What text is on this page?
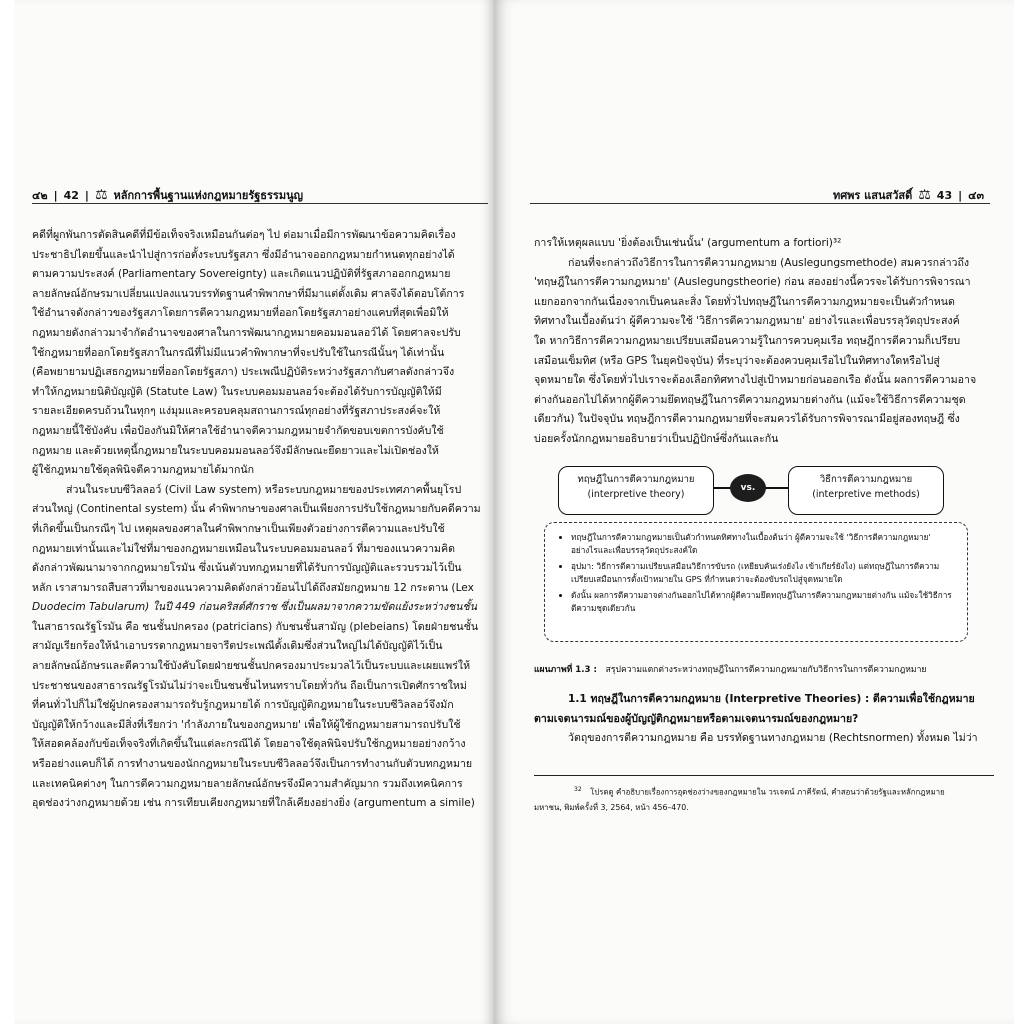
๔๒ | 42 | ⚖ หลักการพื้นฐานแห่งกฎหมายรัฐธรรมนูญ
คดีที่ผูกพันการตัดสินคดีที่มีข้อเท็จจริงเหมือนกันต่อๆ ไป ต่อมาเมื่อมีการพัฒนาข้อความคิดเรื่อง
ประชาธิปไตยขึ้นและนำไปสู่การก่อตั้งระบบรัฐสภา ซึ่งมีอำนาจออกกฎหมายกำหนดทุกอย่างได้
ตามความประสงค์ (Parliamentary Sovereignty) และเกิดแนวปฏิบัติที่รัฐสภาออกกฎหมาย
ลายลักษณ์อักษรมาเปลี่ยนแปลงแนวบรรทัดฐานคำพิพากษาที่มีมาแต่ดั้งเดิม ศาลจึงได้ตอบโต้การ
ใช้อำนาจดังกล่าวของรัฐสภาโดยการตีความกฎหมายที่ออกโดยรัฐสภาอย่างแคบที่สุดเพื่อมิให้
กฎหมายดังกล่าวมาจำกัดอำนาจของศาลในการพัฒนากฎหมายคอมมอนลอว์ได้ โดยศาลจะปรับ
ใช้กฎหมายที่ออกโดยรัฐสภาในกรณีที่ไม่มีแนวคำพิพากษาที่จะปรับใช้ในกรณีนั้นๆ ได้เท่านั้น
(คือพยายามปฏิเสธกฎหมายที่ออกโดยรัฐสภา) ประเพณีปฏิบัติระหว่างรัฐสภากับศาลดังกล่าวจึง
ทำให้กฎหมายนิติบัญญัติ (Statute Law) ในระบบคอมมอนลอว์จะต้องได้รับการบัญญัติให้มี
รายละเอียดครบถ้วนในทุกๆ แง่มุมและครอบคลุมสถานการณ์ทุกอย่างที่รัฐสภาประสงค์จะให้
กฎหมายนี้ใช้บังคับ เพื่อป้องกันมิให้ศาลใช้อำนาจตีความกฎหมายจำกัดขอบเขตการบังคับใช้
กฎหมาย และด้วยเหตุนี้กฎหมายในระบบคอมมอนลอว์จึงมีลักษณะยืดยาวและไม่เปิดช่องให้
ผู้ใช้กฎหมายใช้ดุลพินิจตีความกฎหมายได้มากนัก
ส่วนในระบบซีวิลลอว์ (Civil Law system) หรือระบบกฎหมายของประเทศภาคพื้นยุโรป
ส่วนใหญ่ (Continental system) นั้น คำพิพากษาของศาลเป็นเพียงการปรับใช้กฎหมายกับคดีความ
ที่เกิดขึ้นเป็นกรณีๆ ไป เหตุผลของศาลในคำพิพากษาเป็นเพียงตัวอย่างการตีความและปรับใช้
กฎหมายเท่านั้นและไม่ใช่ที่มาของกฎหมายเหมือนในระบบคอมมอนลอว์ ที่มาของแนวความคิด
ดังกล่าวพัฒนามาจากกฎหมายโรมัน ซึ่งเน้นตัวบทกฎหมายที่ได้รับการบัญญัติและรวบรวมไว้เป็น
หลัก เราสามารถสืบสาวที่มาของแนวความคิดดังกล่าวย้อนไปได้ถึงสมัยกฎหมาย 12 กระดาน (Lex
Duodecim Tabularum) ในปี 449 ก่อนคริสต์ศักราช ซึ่งเป็นผลมาจากความขัดแย้งระหว่างชนชั้น
ในสาธารณรัฐโรมัน คือ ชนชั้นปกครอง (patricians) กับชนชั้นสามัญ (plebeians) โดยฝ่ายชนชั้น
สามัญเรียกร้องให้นำเอาบรรดากฎหมายจารีตประเพณีดั้งเดิมซึ่งส่วนใหญ่ไม่ได้บัญญัติไว้เป็น
ลายลักษณ์อักษรและตีความใช้บังคับโดยฝ่ายชนชั้นปกครองมาประมวลไว้เป็นระบบและเผยแพร่ให้
ประชาชนของสาธารณรัฐโรมันไม่ว่าจะเป็นชนชั้นไหนทราบโดยทั่วกัน ถือเป็นการเปิดศักราชใหม่
ที่คนทั่วไปก็ไม่ใช่ผู้ปกครองสามารถรับรู้กฎหมายได้ การบัญญัติกฎหมายในระบบซีวิลลอว์จึงมัก
บัญญัติให้กว้างและมีสิ่งที่เรียกว่า 'กำลังภายในของกฎหมาย' เพื่อให้ผู้ใช้กฎหมายสามารถปรับใช้
ให้สอดคล้องกับข้อเท็จจริงที่เกิดขึ้นในแต่ละกรณีได้ โดยอาจใช้ดุลพินิจปรับใช้กฎหมายอย่างกว้าง
หรืออย่างแคบก็ได้ การทำงานของนักกฎหมายในระบบซีวิลลอว์จึงเป็นการทำงานกับตัวบทกฎหมาย
และเทคนิคต่างๆ ในการตีความกฎหมายลายลักษณ์อักษรจึงมีความสำคัญมาก รวมถึงเทคนิคการ
อุดช่องว่างกฎหมายด้วย เช่น การเทียบเคียงกฎหมายที่ใกล้เคียงอย่างยิ่ง (argumentum a simile)
ทศพร แสนสวัสดิ์ ⚖ 43 | ๔๓
การให้เหตุผลแบบ 'ยิ่งต้องเป็นเช่นนั้น' (argumentum a fortiori)³²
ก่อนที่จะกล่าวถึงวิธีการในการตีความกฎหมาย (Auslegungsmethode) สมควรกล่าวถึง
'ทฤษฎีในการตีความกฎหมาย' (Auslegungstheorie) ก่อน สองอย่างนี้ควรจะได้รับการพิจารณา
แยกออกจากกันเนื่องจากเป็นคนละสิ่ง โดยทั่วไปทฤษฎีในการตีความกฎหมายจะเป็นตัวกำหนด
ทิศทางในเบื้องต้นว่า ผู้ตีความจะใช้ 'วิธีการตีความกฎหมาย' อย่างไรและเพื่อบรรลุวัตถุประสงค์
ใด หากวิธีการตีความกฎหมายเปรียบเสมือนความรู้ในการควบคุมเรือ ทฤษฎีการตีความก็เปรียบ
เสมือนเข็มทิศ (หรือ GPS ในยุคปัจจุบัน) ที่ระบุว่าจะต้องควบคุมเรือไปในทิศทางใดหรือไปสู่
จุดหมายใด ซึ่งโดยทั่วไปเราจะต้องเลือกทิศทางไปสู่เป้าหมายก่อนออกเรือ ดังนั้น ผลการตีความอาจ
ต่างกันออกไปได้หากผู้ตีความยึดทฤษฎีในการตีความกฎหมายต่างกัน (แม้จะใช้วิธีการตีความชุด
เดียวกัน) ในปัจจุบัน ทฤษฎีการตีความกฎหมายที่จะสมควรได้รับการพิจารณามีอยู่สองทฤษฎี ซึ่ง
บ่อยครั้งนักกฎหมายอธิบายว่าเป็นปฏิปักษ์ซึ่งกันและกัน
ทฤษฎีในการตีความกฎหมาย
(interpretive theory)
vs.
วิธีการตีความกฎหมาย
(interpretive methods)
• ทฤษฎีในการตีความกฎหมายเป็นตัวกำหนดทิศทางในเบื้องต้นว่า ผู้ตีความจะใช้ 'วิธีการตีความกฎหมาย' อย่างไรและเพื่อบรรลุวัตถุประสงค์ใด
• อุปมา: วิธีการตีความเปรียบเสมือนวิธีการขับรถ (เหยียบคันเร่งยังไง เข้าเกียร์ยังไง) แต่ทฤษฎีในการตีความเปรียบเสมือนการตั้งเป้าหมายใน GPS ที่กำหนดว่าจะต้องขับรถไปสู่จุดหมายใด
• ดังนั้น ผลการตีความอาจต่างกันออกไปได้หากผู้ตีความยึดทฤษฎีในการตีความกฎหมายต่างกัน แม้จะใช้วิธีการตีความชุดเดียวกัน
แผนภาพที่ 1.3 : สรุปความแตกต่างระหว่างทฤษฎีในการตีความกฎหมายกับวิธีการในการตีความกฎหมาย
1.1 ทฤษฎีในการตีความกฎหมาย (Interpretive Theories) : ตีความเพื่อใช้กฎหมาย
ตามเจตนารมณ์ของผู้บัญญัติกฎหมายหรือตามเจตนารมณ์ของกฎหมาย?
วัตถุของการตีความกฎหมาย คือ บรรทัดฐานทางกฎหมาย (Rechtsnormen) ทั้งหมด ไม่ว่า
$^{32}$ โปรดดู คำอธิบายเรื่องการอุดช่องว่างของกฎหมายใน วรเจตน์ ภาคีรัตน์, คำสอนว่าด้วยรัฐและหลักกฎหมาย
มหาชน, พิมพ์ครั้งที่ 3, 2564, หน้า 456–470.
